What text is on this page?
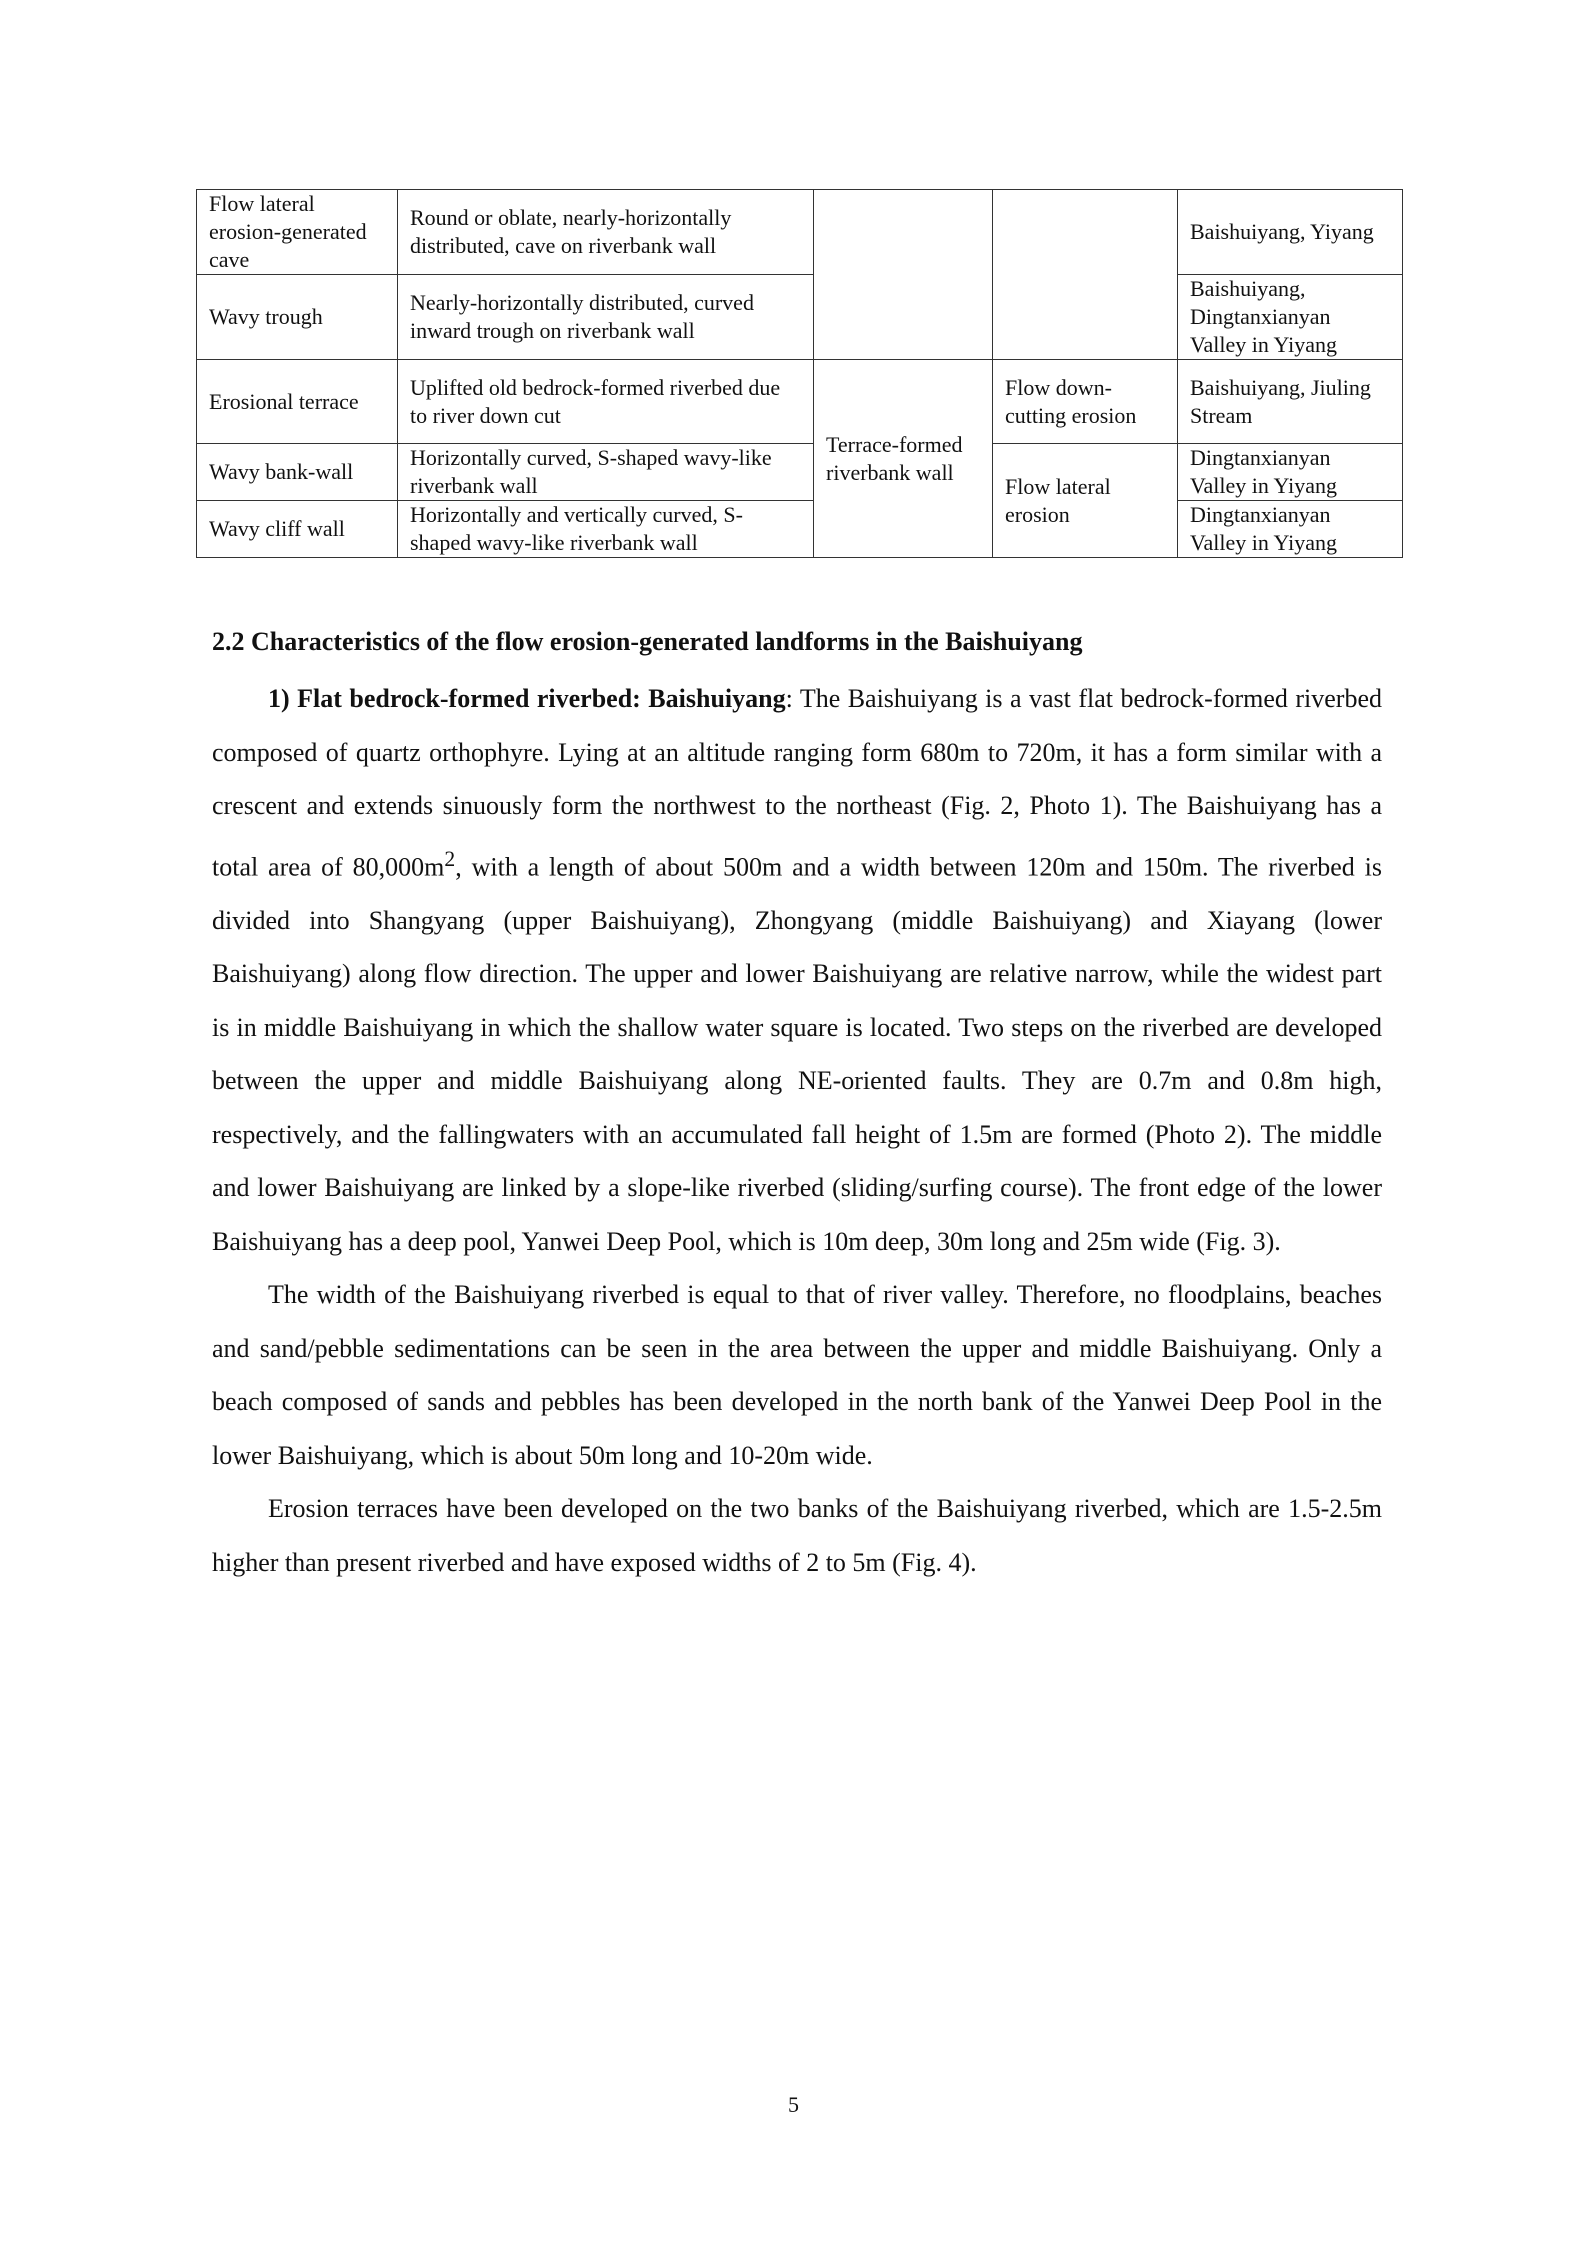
Flow lateral erosion-generated cave	Round or oblate, nearly-horizontally distributed, cave on riverbank wall			Baishuiyang, Yiyang
Wavy trough	Nearly-horizontally distributed, curved inward trough on riverbank wall			Baishuiyang, Dingtanxianyan Valley in Yiyang
Erosional terrace	Uplifted old bedrock-formed riverbed due to river down cut	Terrace-formed riverbank wall	Flow down-cutting erosion	Baishuiyang, Jiuling Stream
Wavy bank-wall	Horizontally curved, S-shaped wavy-like riverbank wall		Flow lateral erosion	Dingtanxianyan Valley in Yiyang
Wavy cliff wall	Horizontally and vertically curved, S-shaped wavy-like riverbank wall			Dingtanxianyan Valley in Yiyang
2.2 Characteristics of the flow erosion-generated landforms in the Baishuiyang

1) Flat bedrock-formed riverbed: Baishuiyang: The Baishuiyang is a vast flat bedrock-formed riverbed composed of quartz orthophyre. Lying at an altitude ranging form 680m to 720m, it has a form similar with a crescent and extends sinuously form the northwest to the northeast (Fig. 2, Photo 1). The Baishuiyang has a total area of $80,000m^2$, with a length of about 500m and a width between 120m and 150m. The riverbed is divided into Shangyang (upper Baishuiyang), Zhongyang (middle Baishuiyang) and Xiayang (lower Baishuiyang) along flow direction. The upper and lower Baishuiyang are relative narrow, while the widest part is in middle Baishuiyang in which the shallow water square is located. Two steps on the riverbed are developed between the upper and middle Baishuiyang along NE-oriented faults. They are 0.7m and 0.8m high, respectively, and the fallingwaters with an accumulated fall height of 1.5m are formed (Photo 2). The middle and lower Baishuiyang are linked by a slope-like riverbed (sliding/surfing course). The front edge of the lower Baishuiyang has a deep pool, Yanwei Deep Pool, which is 10m deep, 30m long and 25m wide (Fig. 3).

The width of the Baishuiyang riverbed is equal to that of river valley. Therefore, no floodplains, beaches and sand/pebble sedimentations can be seen in the area between the upper and middle Baishuiyang. Only a beach composed of sands and pebbles has been developed in the north bank of the Yanwei Deep Pool in the lower Baishuiyang, which is about 50m long and 10-20m wide.

Erosion terraces have been developed on the two banks of the Baishuiyang riverbed, which are 1.5-2.5m higher than present riverbed and have exposed widths of 2 to 5m (Fig. 4).

5
